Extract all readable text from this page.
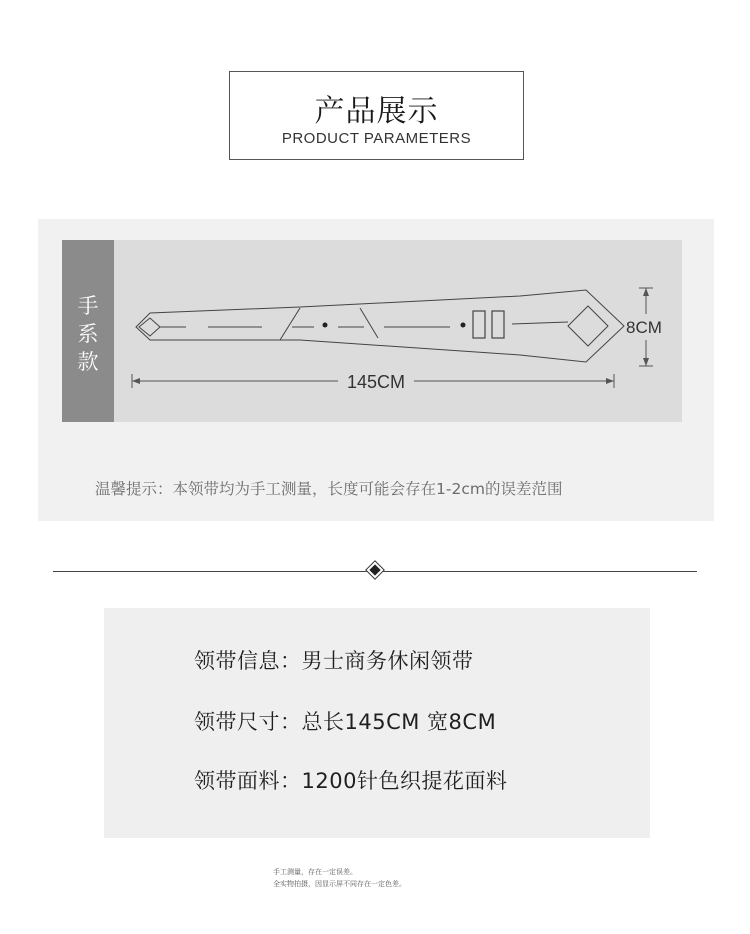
产品展示
PRODUCT PARAMETERS
手
系
款
145CM
8CM
温馨提示：本领带均为手工测量，长度可能会存在1-2cm的误差范围
领带信息：男士商务休闲领带
领带尺寸：总长145CM 宽8CM
领带面料：1200针色织提花面料
手工测量，存在一定误差。
全实物拍摄，因显示屏不同存在一定色差。
